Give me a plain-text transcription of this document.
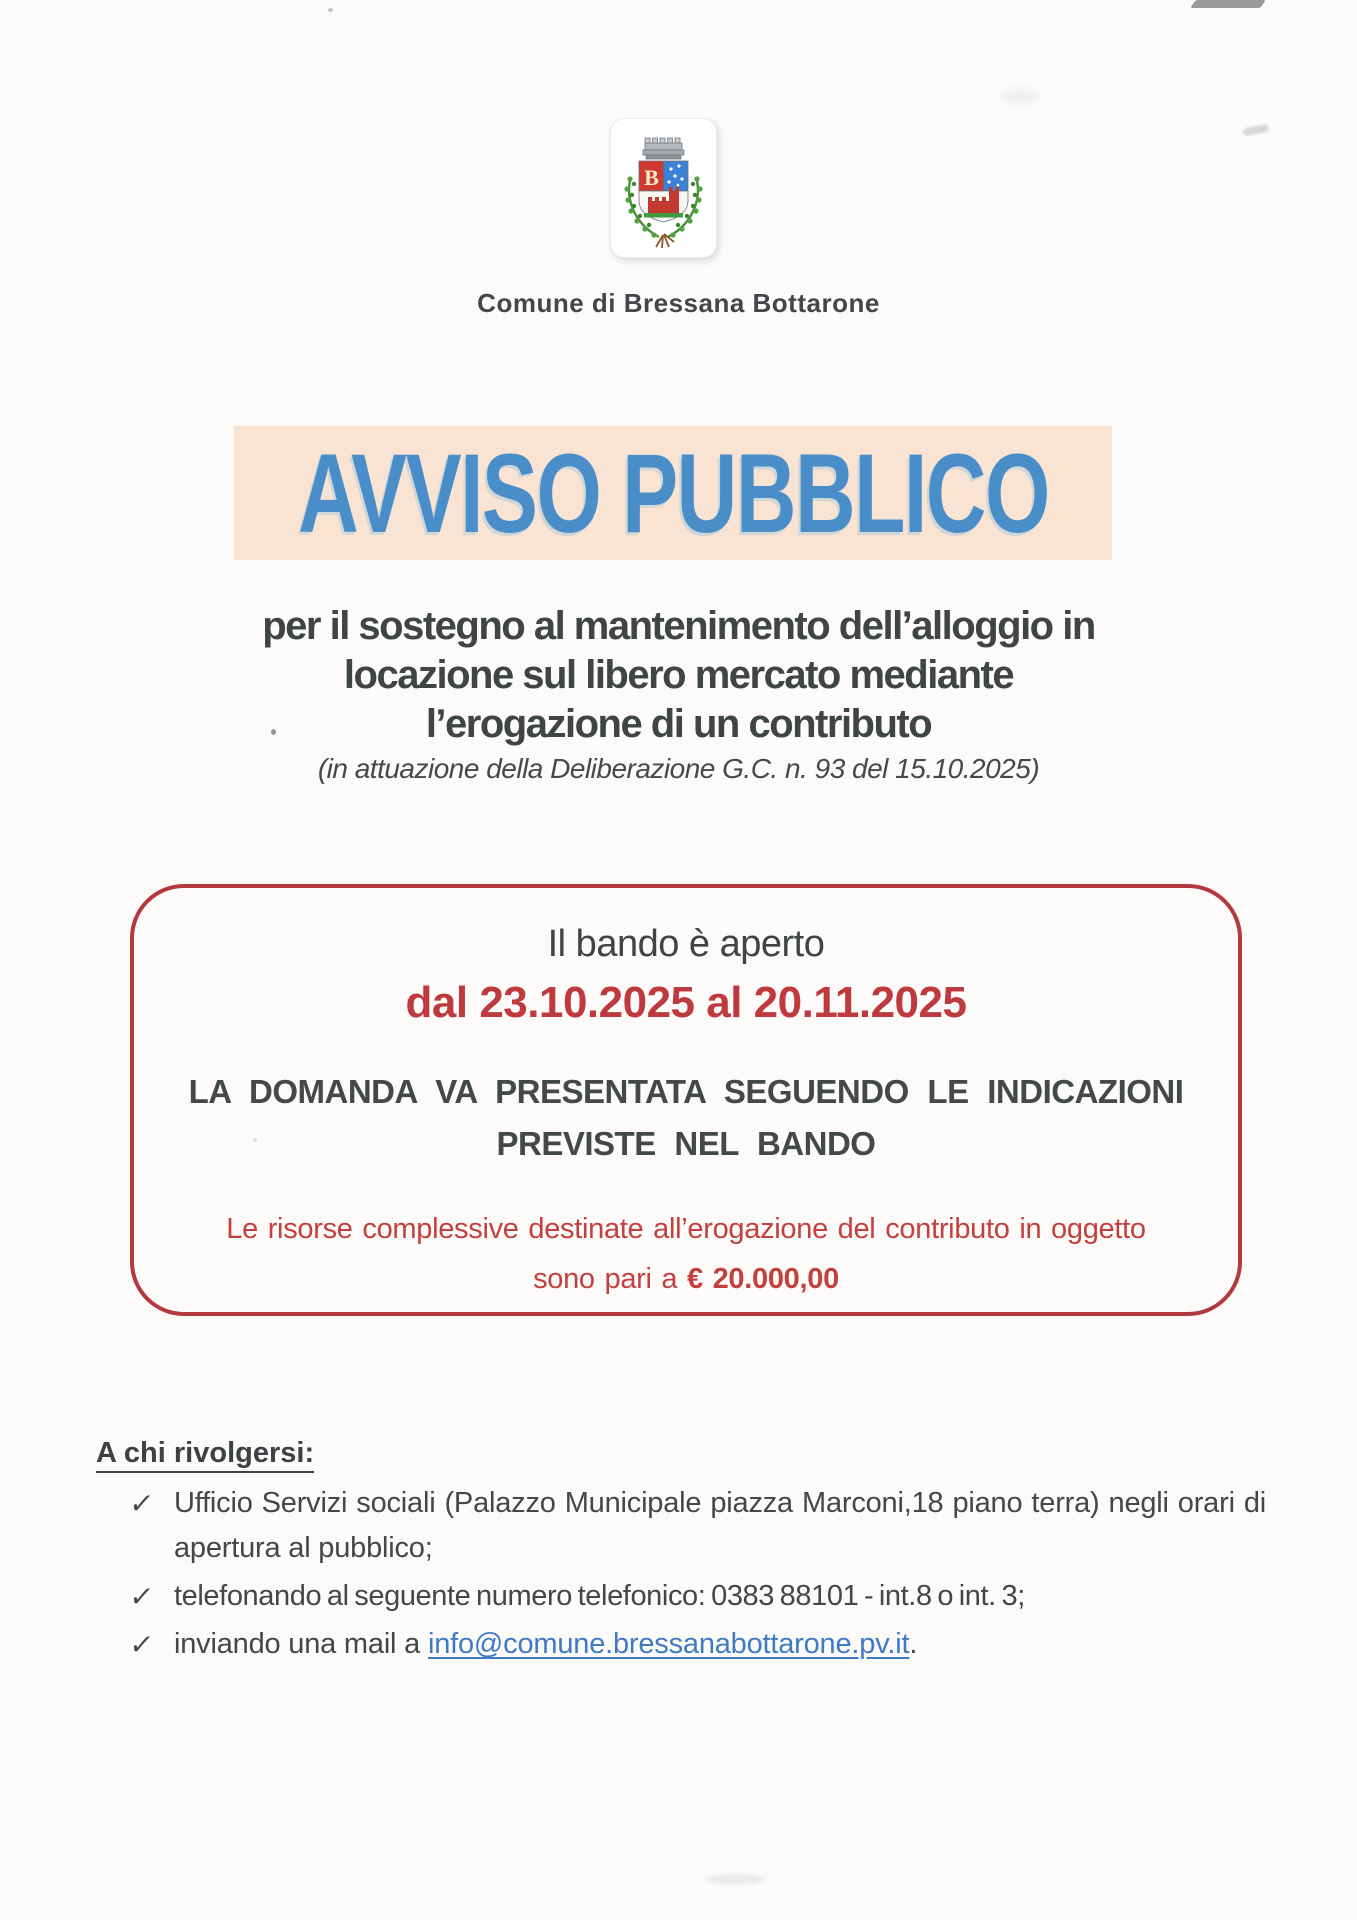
B
Comune di Bressana Bottarone
AVVISO PUBBLICO
per il sostegno al mantenimento dell’alloggio in
locazione sul libero mercato mediante
l’erogazione di un contributo
(in attuazione della Deliberazione G.C. n. 93 del 15.10.2025)
Il bando è aperto
dal 23.10.2025 al 20.11.2025
LA DOMANDA VA PRESENTATA SEGUENDO LE INDICAZIONI
PREVISTE NEL BANDO
Le risorse complessive destinate all’erogazione del contributo in oggetto
sono pari a € 20.000,00
A chi rivolgersi:
✓ Ufficio Servizi sociali (Palazzo Municipale piazza Marconi,18 piano terra) negli orari di apertura al pubblico;
✓ telefonando al seguente numero telefonico: 0383 88101 - int.8 o int. 3;
✓ inviando una mail a info@comune.bressanabottarone.pv.it.
